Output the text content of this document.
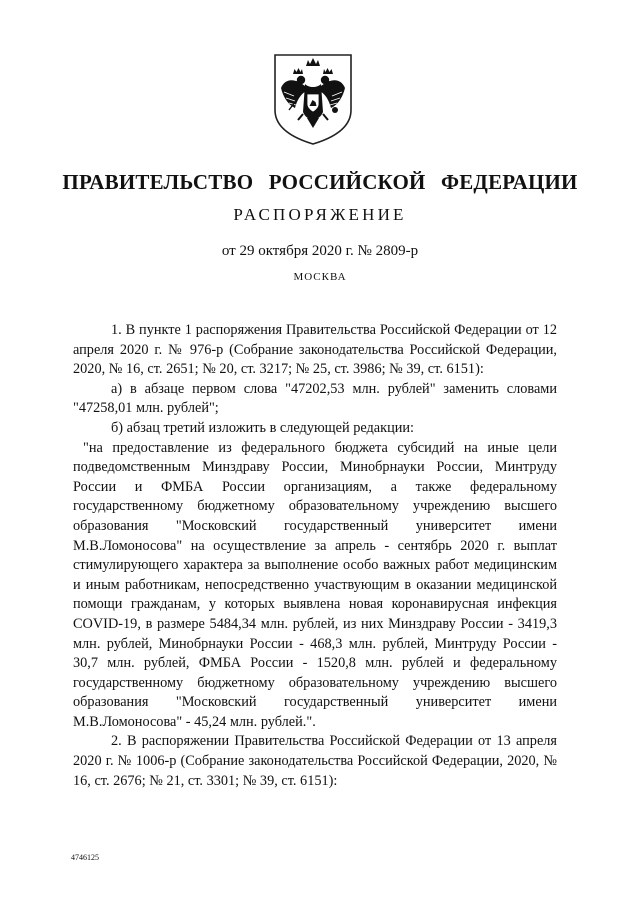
ПРАВИТЕЛЬСТВО РОССИЙСКОЙ ФЕДЕРАЦИИ
РАСПОРЯЖЕНИЕ
от 29 октября 2020 г. № 2809-р
МОСКВА

1. В пункте 1 распоряжения Правительства Российской Федерации от 12 апреля 2020 г. № 976-р (Собрание законодательства Российской Федерации, 2020, № 16, ст. 2651; № 20, ст. 3217; № 25, ст. 3986; № 39, ст. 6151):

а) в абзаце первом слова "47202,53 млн. рублей" заменить словами "47258,01 млн. рублей";

б) абзац третий изложить в следующей редакции:

"на предоставление из федерального бюджета субсидий на иные цели подведомственным Минздраву России, Минобрнауки России, Минтруду России и ФМБА России организациям, а также федеральному государственному бюджетному образовательному учреждению высшего образования "Московский государственный университет имени М.В.Ломоносова" на осуществление за апрель - сентябрь 2020 г. выплат стимулирующего характера за выполнение особо важных работ медицинским и иным работникам, непосредственно участвующим в оказании медицинской помощи гражданам, у которых выявлена новая коронавирусная инфекция COVID-19, в размере 5484,34 млн. рублей, из них Минздраву России - 3419,3 млн. рублей, Минобрнауки России - 468,3 млн. рублей, Минтруду России - 30,7 млн. рублей, ФМБА России - 1520,8 млн. рублей и федеральному государственному бюджетному образовательному учреждению высшего образования "Московский государственный университет имени М.В.Ломоносова" - 45,24 млн. рублей.".

2. В распоряжении Правительства Российской Федерации от 13 апреля 2020 г. № 1006-р (Собрание законодательства Российской Федерации, 2020, № 16, ст. 2676; № 21, ст. 3301; № 39, ст. 6151):

4746125
